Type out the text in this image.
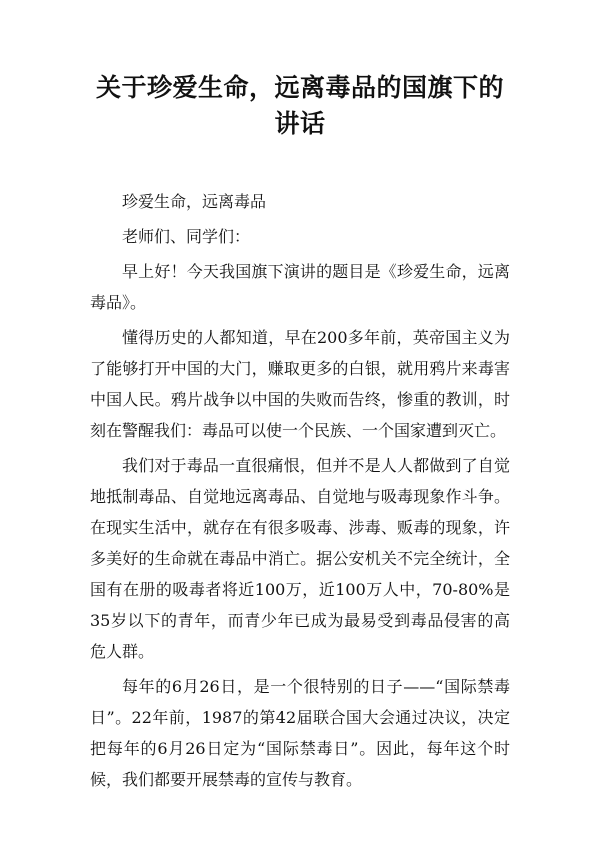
关于珍爱生命，远离毒品的国旗下的讲话

珍爱生命，远离毒品

老师们、同学们：

早上好！今天我国旗下演讲的题目是《珍爱生命，远离毒品》。

懂得历史的人都知道，早在200多年前，英帝国主义为了能够打开中国的大门，赚取更多的白银，就用鸦片来毒害中国人民。鸦片战争以中国的失败而告终，惨重的教训，时刻在警醒我们：毒品可以使一个民族、一个国家遭到灭亡。

我们对于毒品一直很痛恨，但并不是人人都做到了自觉地抵制毒品、自觉地远离毒品、自觉地与吸毒现象作斗争。在现实生活中，就存在有很多吸毒、涉毒、贩毒的现象，许多美好的生命就在毒品中消亡。据公安机关不完全统计，全国有在册的吸毒者将近100万，近100万人中，70-80%是35岁以下的青年，而青少年已成为最易受到毒品侵害的高危人群。

每年的6月26日，是一个很特别的日子——“国际禁毒日”。22年前，1987的第42届联合国大会通过决议，决定把每年的6月26日定为“国际禁毒日”。因此，每年这个时候，我们都要开展禁毒的宣传与教育。
